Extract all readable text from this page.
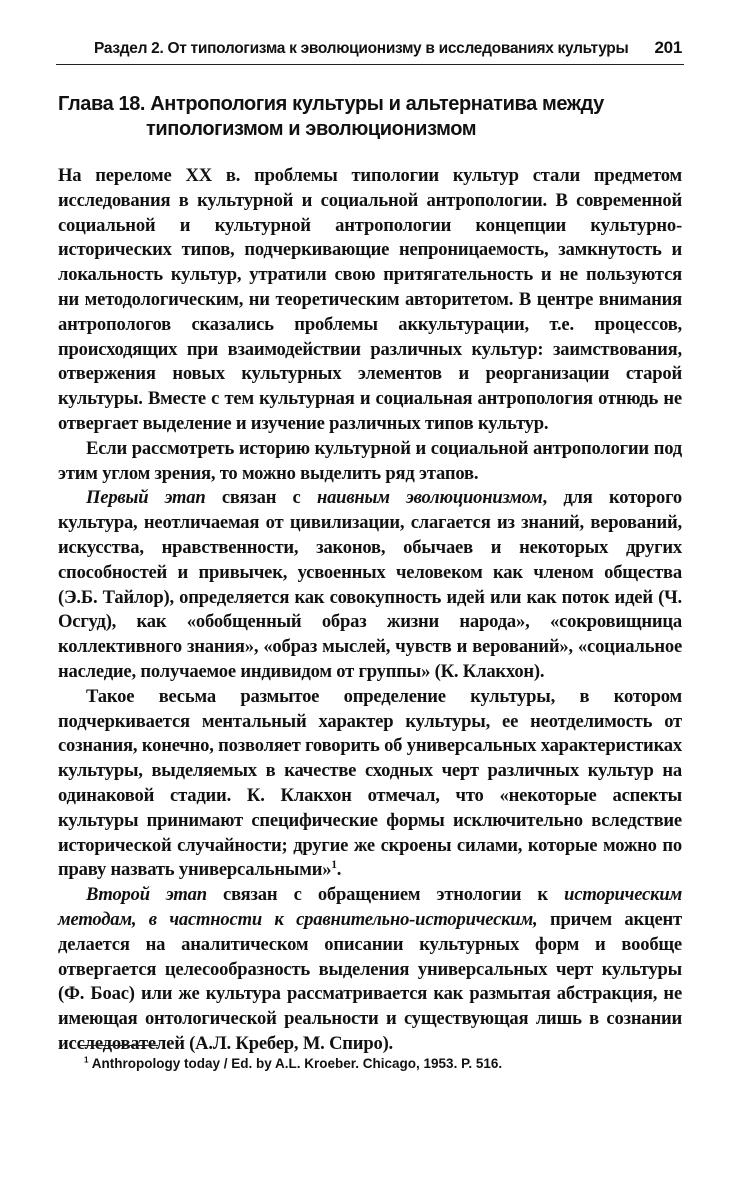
Раздел 2. От типологизма к эволюционизму в исследованиях культуры 201
Глава 18. Антропология культуры и альтернатива между
типологизмом и эволюционизмом

На переломе XX в. проблемы типологии культур стали предметом исследования в культурной и социальной антропологии. В современной социальной и культурной антропологии концепции культурно-исторических типов, подчеркивающие непроницаемость, замкнутость и локальность культур, утратили свою притягательность и не пользуются ни методологическим, ни теоретическим авторитетом. В центре внимания антропологов сказались проблемы аккультурации, т.е. процессов, происходящих при взаимодействии различных культур: заимствования, отвержения новых культурных элементов и реорганизации старой культуры. Вместе с тем культурная и социальная антропология отнюдь не отвергает выделение и изучение различных типов культур.

Если рассмотреть историю культурной и социальной антропологии под этим углом зрения, то можно выделить ряд этапов.

Первый этап связан с наивным эволюционизмом, для которого культура, неотличаемая от цивилизации, слагается из знаний, верований, искусства, нравственности, законов, обычаев и некоторых других способностей и привычек, усвоенных человеком как членом общества (Э.Б. Тайлор), определяется как совокупность идей или как поток идей (Ч. Осгуд), как «обобщенный образ жизни народа», «сокровищница коллективного знания», «образ мыслей, чувств и верований», «социальное наследие, получаемое индивидом от группы» (К. Клакхон).

Такое весьма размытое определение культуры, в котором подчеркивается ментальный характер культуры, ее неотделимость от сознания, конечно, позволяет говорить об универсальных характеристиках культуры, выделяемых в качестве сходных черт различных культур на одинаковой стадии. К. Клакхон отмечал, что «некоторые аспекты культуры принимают специфические формы исключительно вследствие исторической случайности; другие же скроены силами, которые можно по праву назвать универсальными»$^1$.

Второй этап связан с обращением этнологии к историческим методам, в частности к сравнительно-историческим, причем акцент делается на аналитическом описании культурных форм и вообще отвергается целесообразность выделения универсальных черт культуры (Ф. Боас) или же культура рассматривается как размытая абстракция, не имеющая онтологической реальности и существующая лишь в сознании исследователей (А.Л. Кребер, М. Спиро).

$^1$ Anthropology today / Ed. by A.L. Kroeber. Chicago, 1953. P. 516.
